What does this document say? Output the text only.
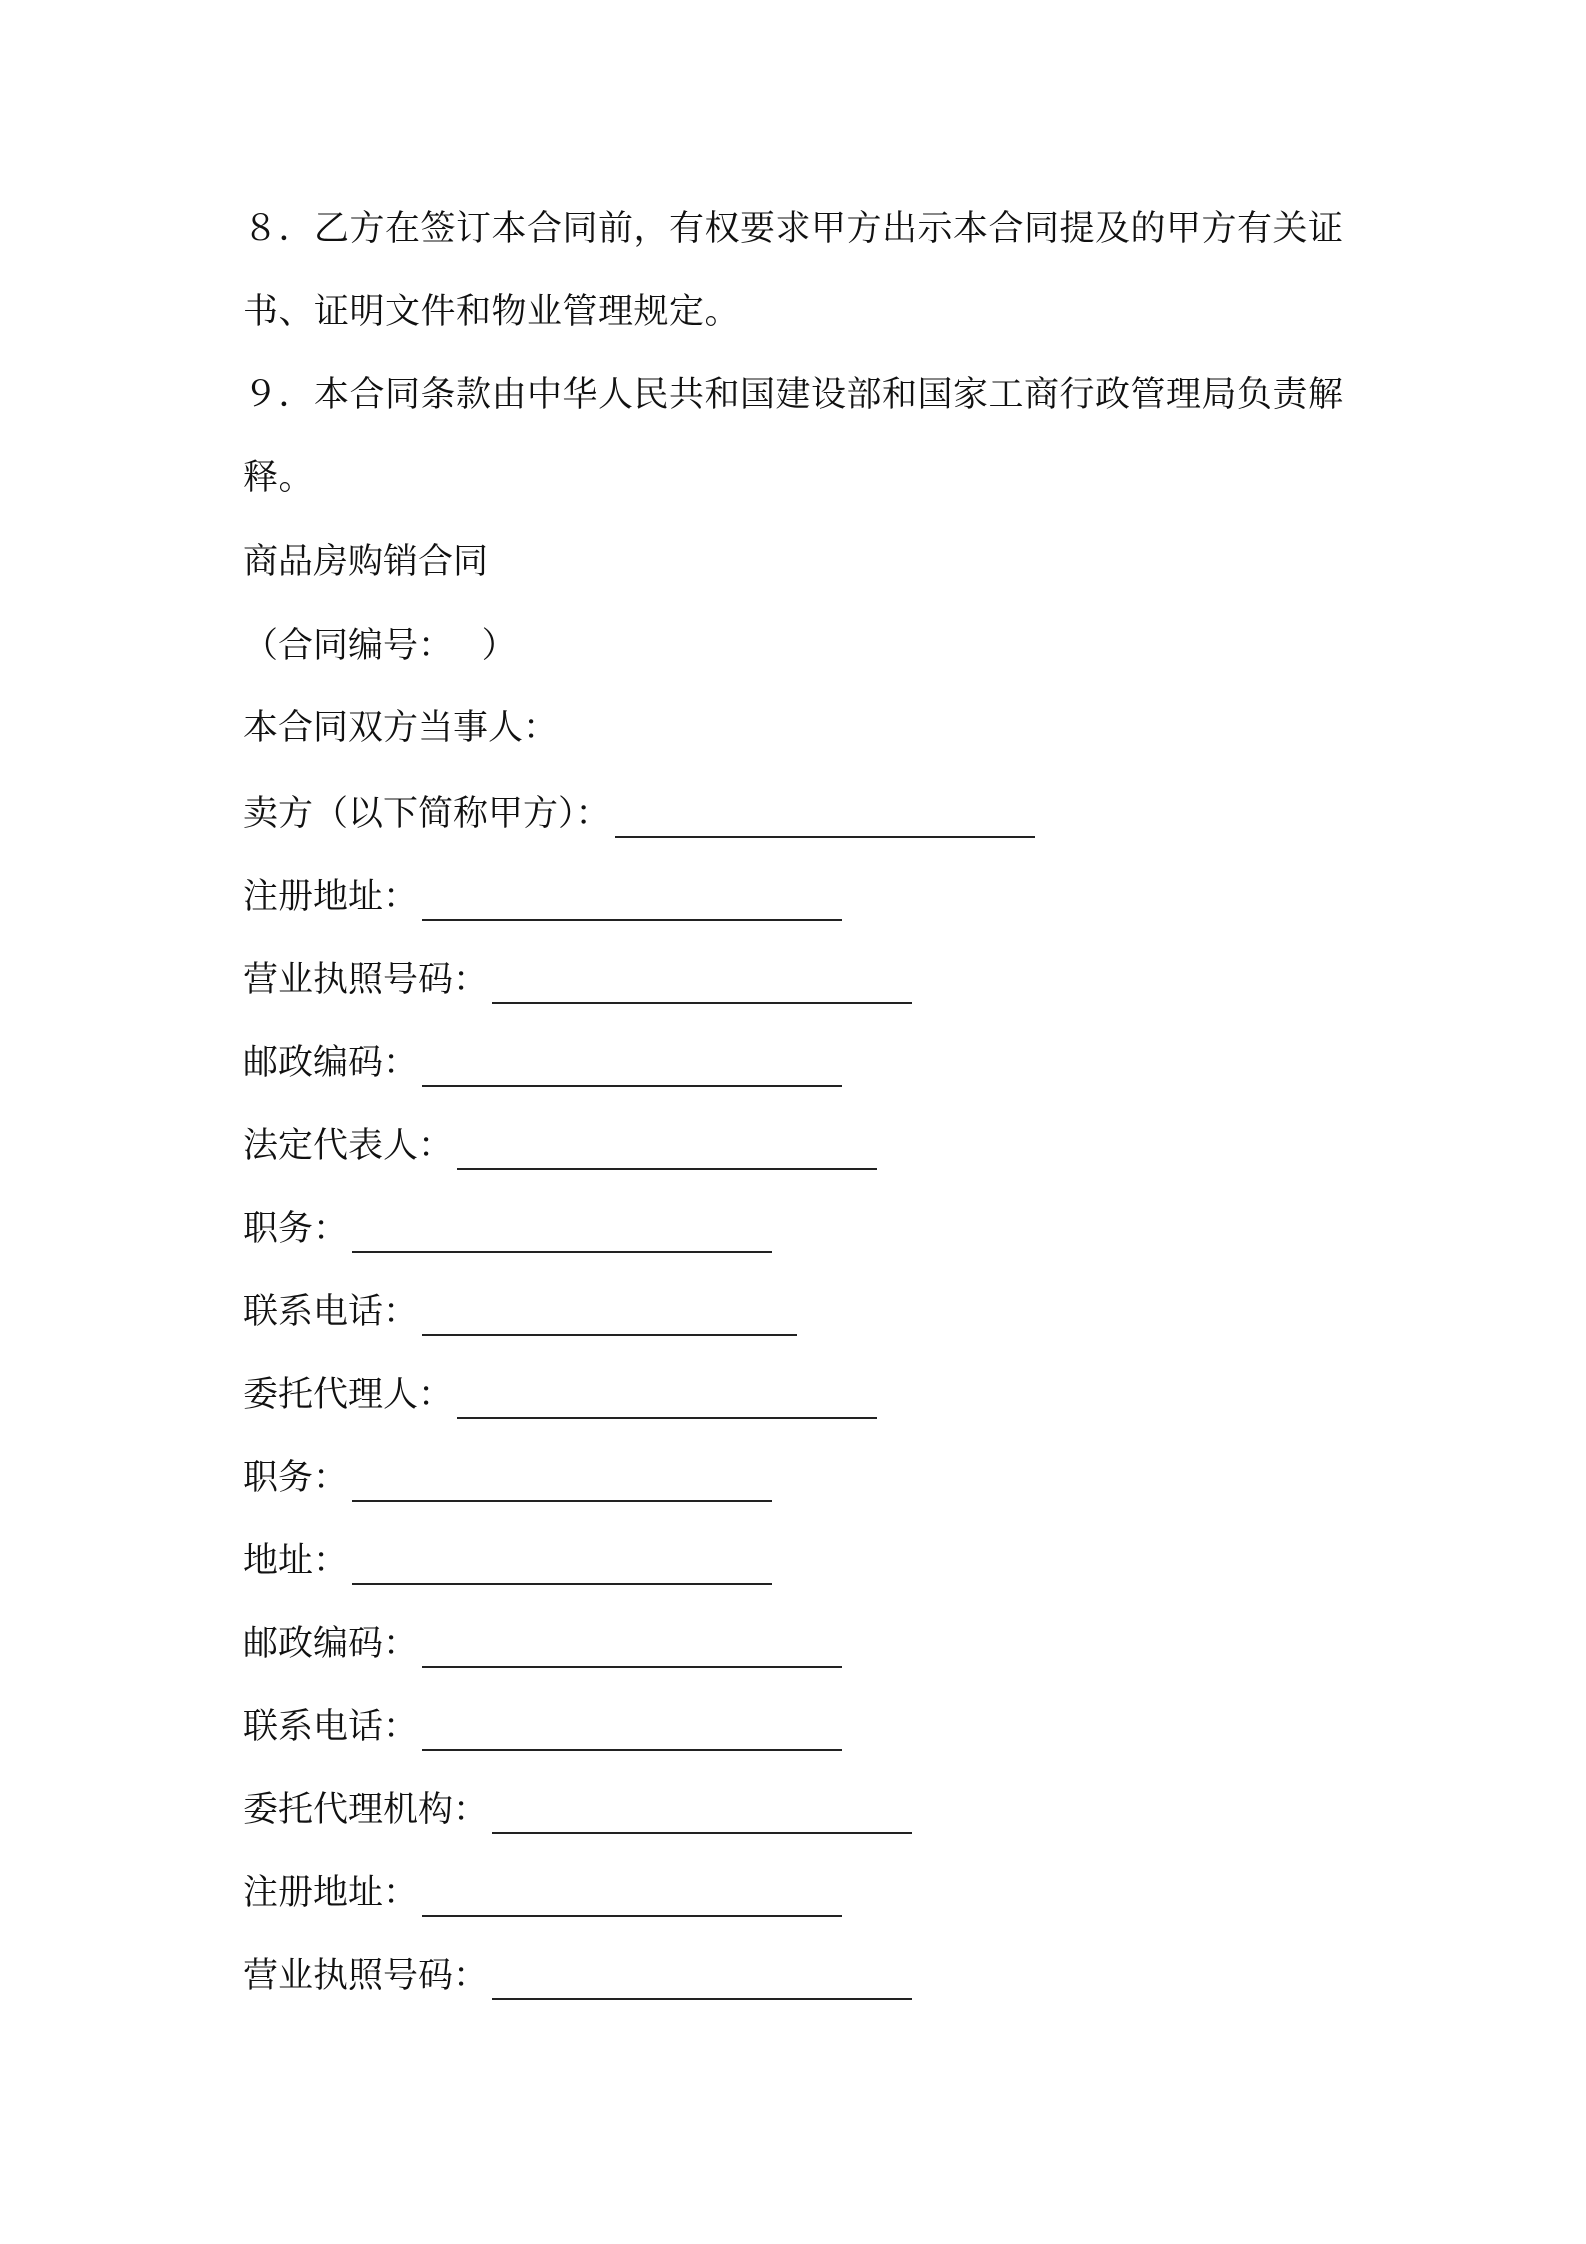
８．乙方在签订本合同前，有权要求甲方出示本合同提及的甲方有关证书、证明文件和物业管理规定。

９．本合同条款由中华人民共和国建设部和国家工商行政管理局负责解释。

商品房购销合同

（合同编号：　 ）

本合同双方当事人：

卖方（以下简称甲方）：
注册地址：
营业执照号码：
邮政编码：
法定代表人：
职务：
联系电话：
委托代理人：
职务：
地址：
邮政编码：
联系电话：
委托代理机构：
注册地址：
营业执照号码：
